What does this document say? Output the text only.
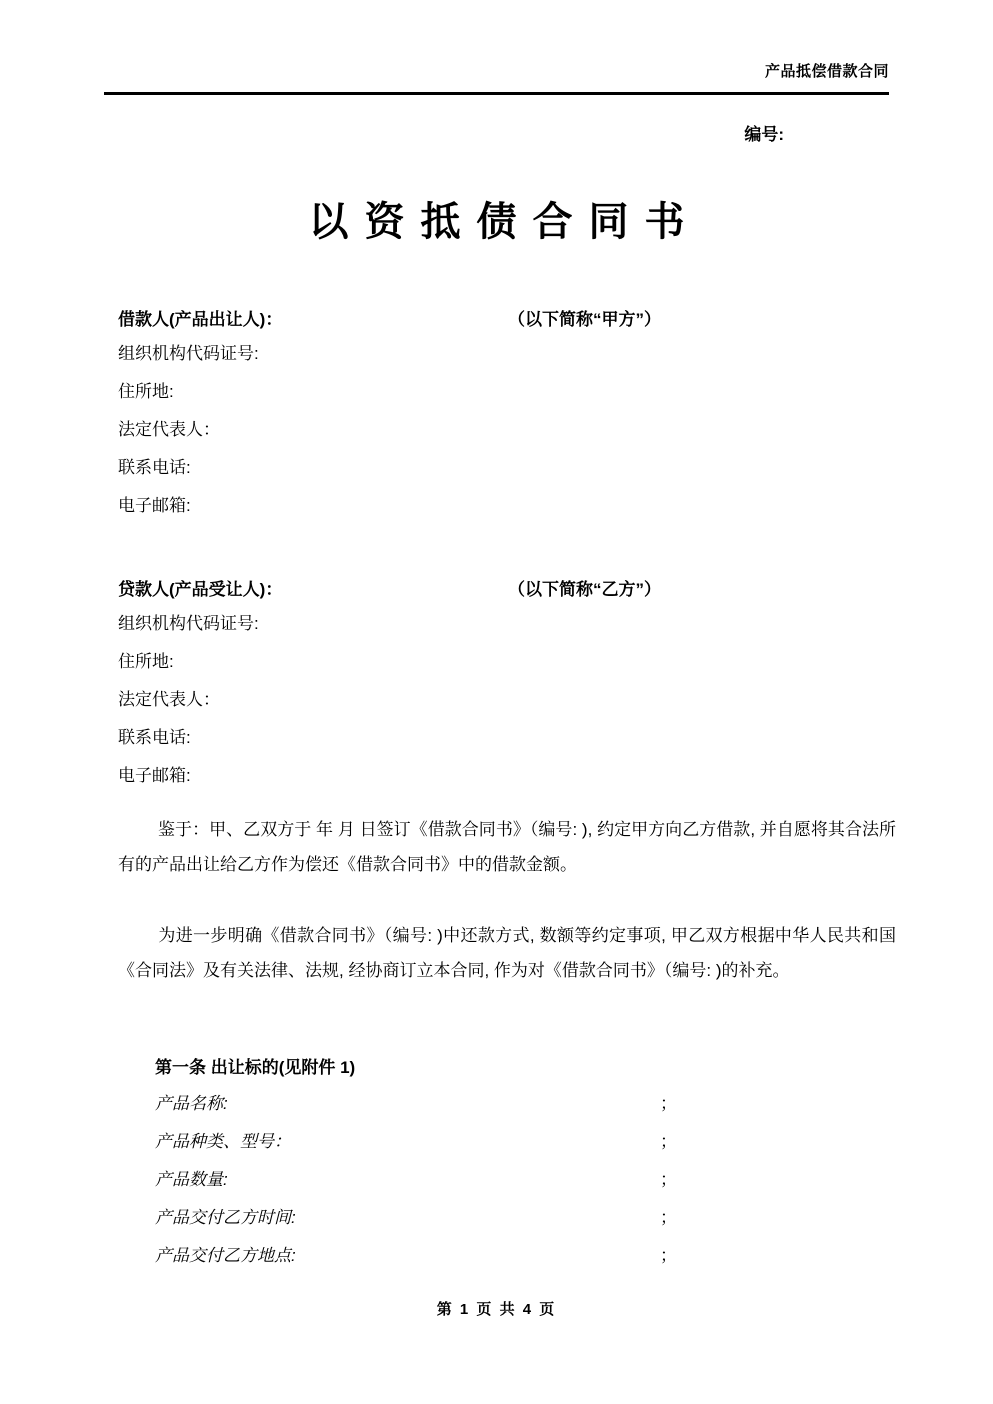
产品抵偿借款合同
编号:
以资抵债合同书
借款人(产品出让人)：	（以下简称“甲方”）
组织机构代码证号:
住所地:
法定代表人：
联系电话:
电子邮箱:
贷款人(产品受让人)：	（以下简称“乙方”）
组织机构代码证号:
住所地:
法定代表人：
联系电话:
电子邮箱:
鉴于：甲、乙双方于 年 月 日签订《借款合同书》（编号: ), 约定甲方向乙方借款, 并自愿将其合法所有的产品出让给乙方作为偿还《借款合同书》中的借款金额。
为进一步明确《借款合同书》（编号: )中还款方式, 数额等约定事项, 甲乙双方根据中华人民共和国《合同法》及有关法律、法规, 经协商订立本合同, 作为对《借款合同书》（编号: )的补充。
第一条 出让标的(见附件 1)
产品名称:	；
产品种类、型号：	；
产品数量:	；
产品交付乙方时间:	；
产品交付乙方地点:	；
第 1 页 共 4 页
